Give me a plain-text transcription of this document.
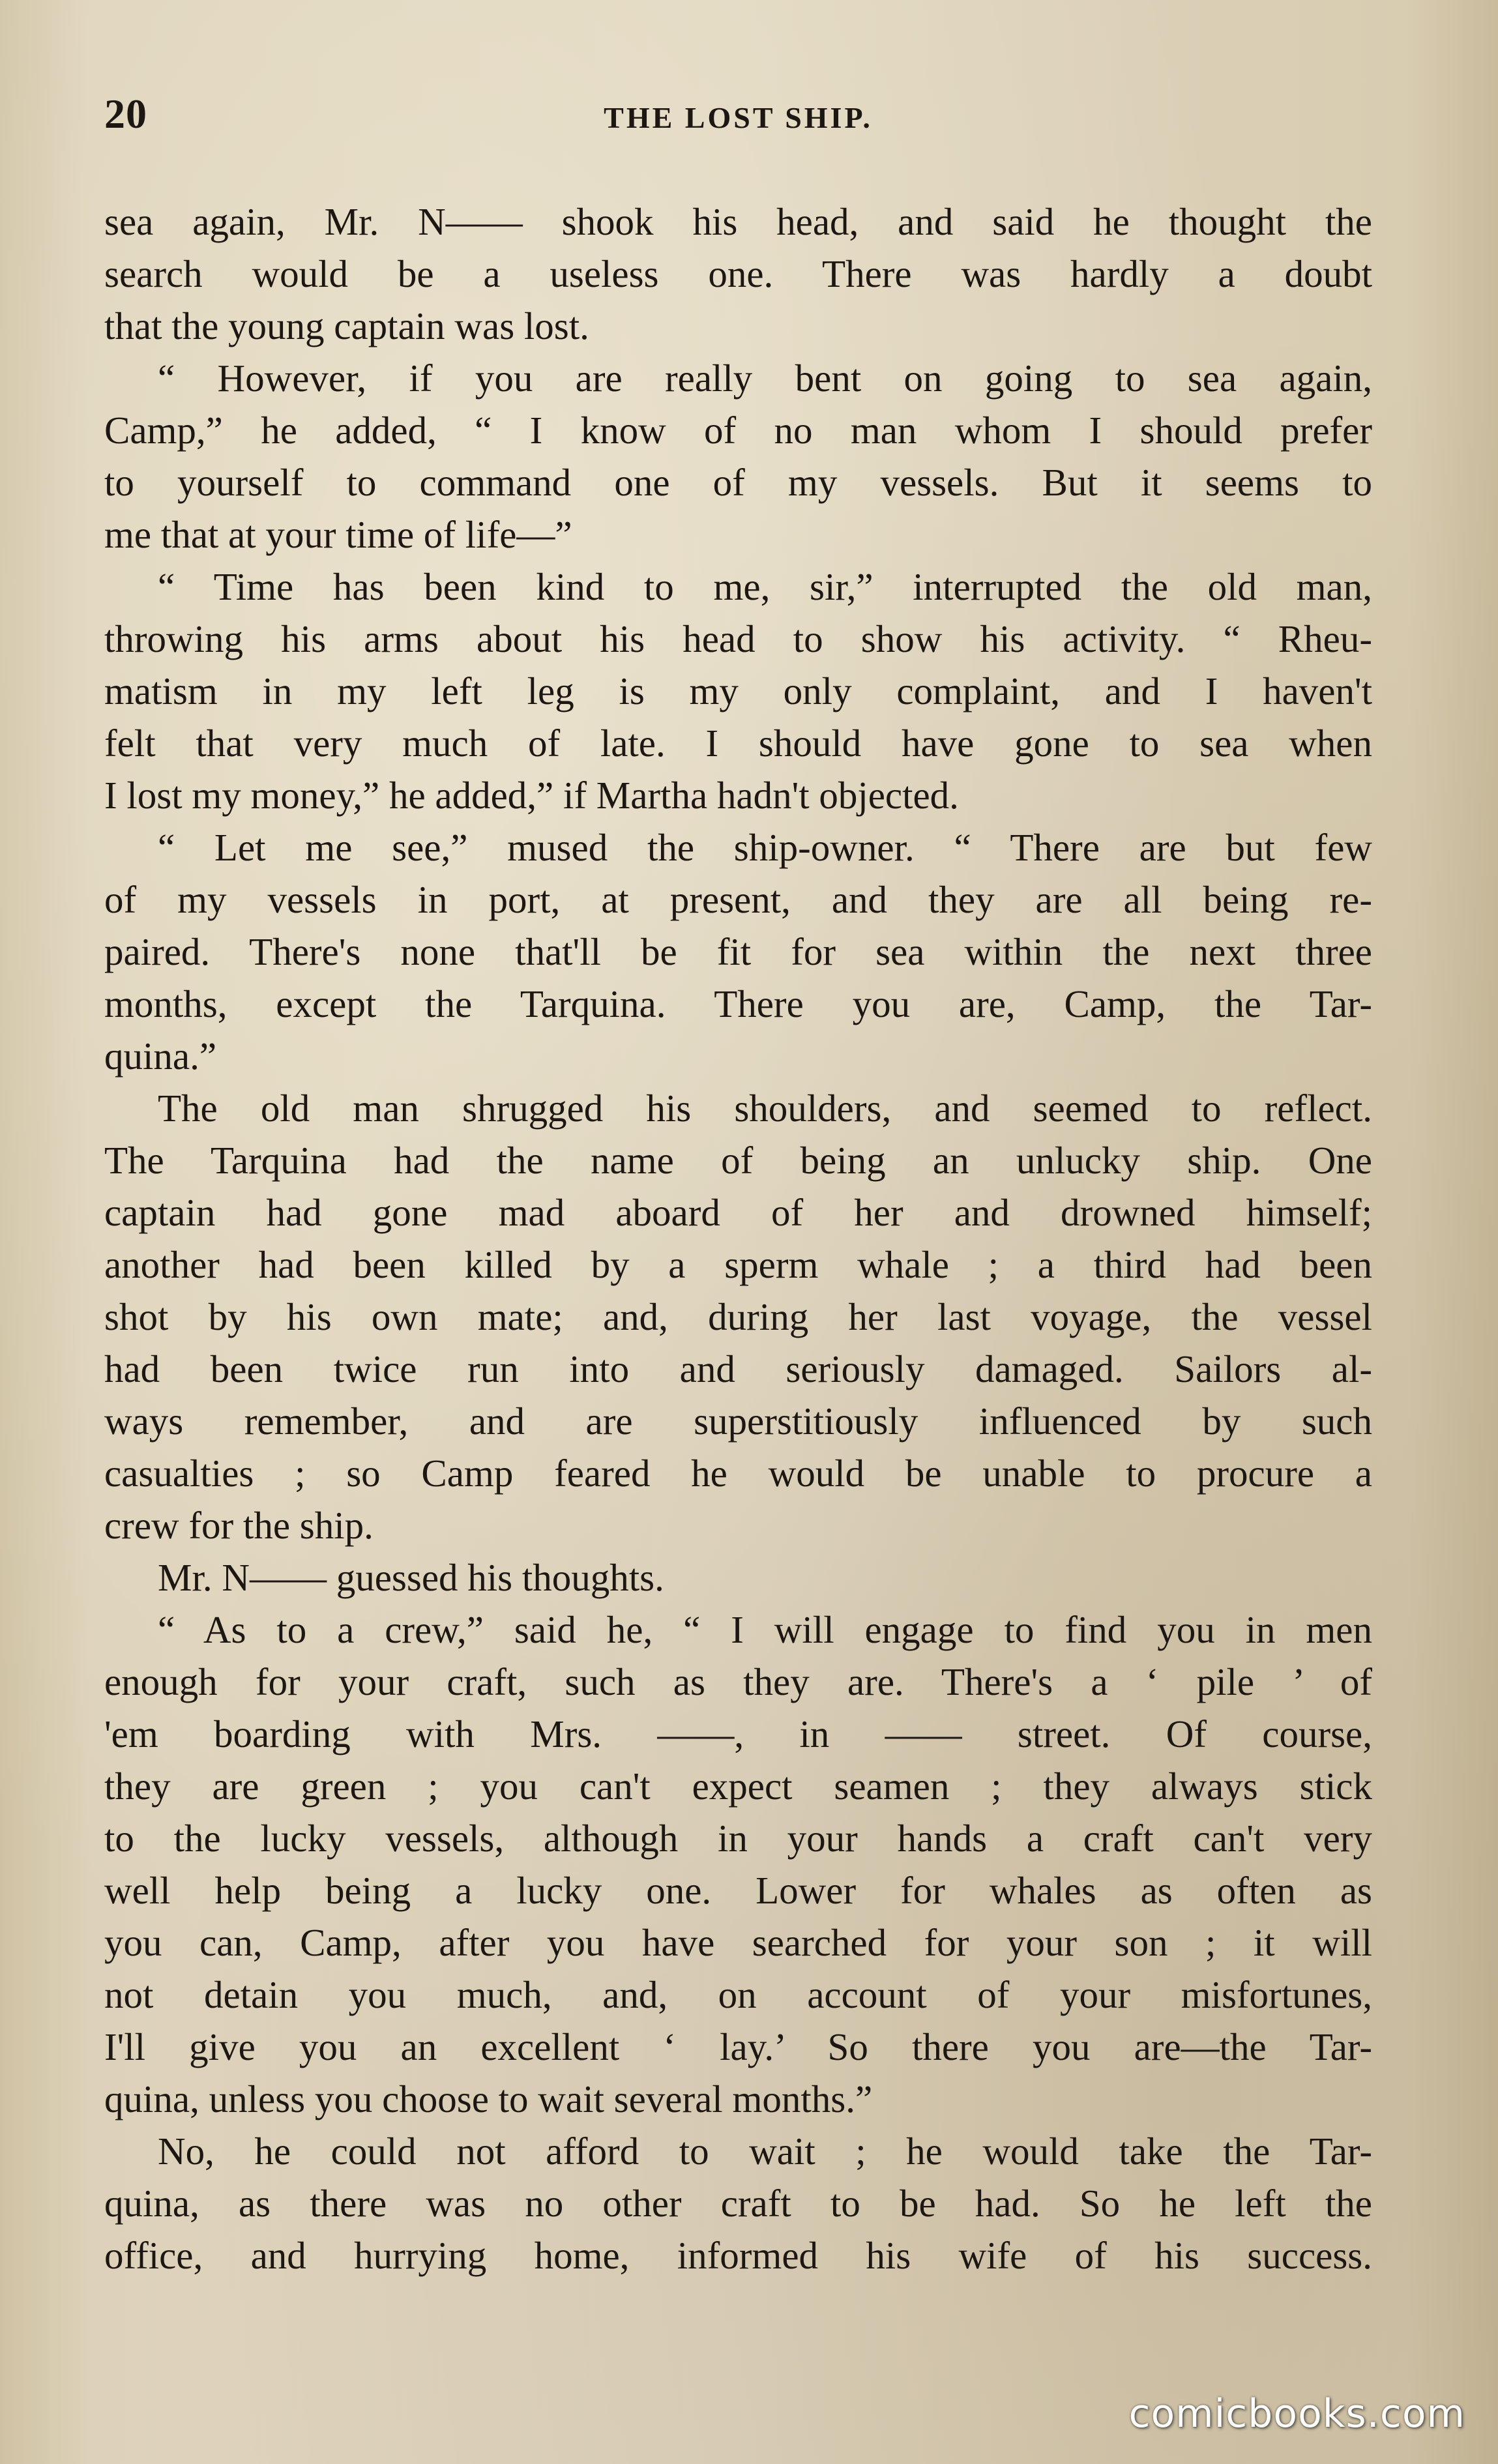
20	THE LOST SHIP.
sea again, Mr. N—— shook his head, and said he thought the
search would be a useless one. There was hardly a doubt
that the young captain was lost.
“ However, if you are really bent on going to sea again,
Camp,” he added, “ I know of no man whom I should prefer
to yourself to command one of my vessels. But it seems to
me that at your time of life—”
“ Time has been kind to me, sir,” interrupted the old man,
throwing his arms about his head to show his activity. “ Rheu-
matism in my left leg is my only complaint, and I haven't
felt that very much of late. I should have gone to sea when
I lost my money,” he added,” if Martha hadn't objected.
“ Let me see,” mused the ship-owner. “ There are but few
of my vessels in port, at present, and they are all being re-
paired. There's none that'll be fit for sea within the next three
months, except the Tarquina. There you are, Camp, the Tar-
quina.”
The old man shrugged his shoulders, and seemed to reflect.
The Tarquina had the name of being an unlucky ship. One
captain had gone mad aboard of her and drowned himself;
another had been killed by a sperm whale ; a third had been
shot by his own mate; and, during her last voyage, the vessel
had been twice run into and seriously damaged. Sailors al-
ways remember, and are superstitiously influenced by such
casualties ; so Camp feared he would be unable to procure a
crew for the ship.
Mr. N—— guessed his thoughts.
“ As to a crew,” said he, “ I will engage to find you in men
enough for your craft, such as they are. There's a ‘ pile ’ of
'em boarding with Mrs. ——, in —— street. Of course,
they are green ; you can't expect seamen ; they always stick
to the lucky vessels, although in your hands a craft can't very
well help being a lucky one. Lower for whales as often as
you can, Camp, after you have searched for your son ; it will
not detain you much, and, on account of your misfortunes,
I'll give you an excellent ‘ lay.’ So there you are—the Tar-
quina, unless you choose to wait several months.”
No, he could not afford to wait ; he would take the Tar-
quina, as there was no other craft to be had. So he left the
office, and hurrying home, informed his wife of his success.
comicbooks.com
